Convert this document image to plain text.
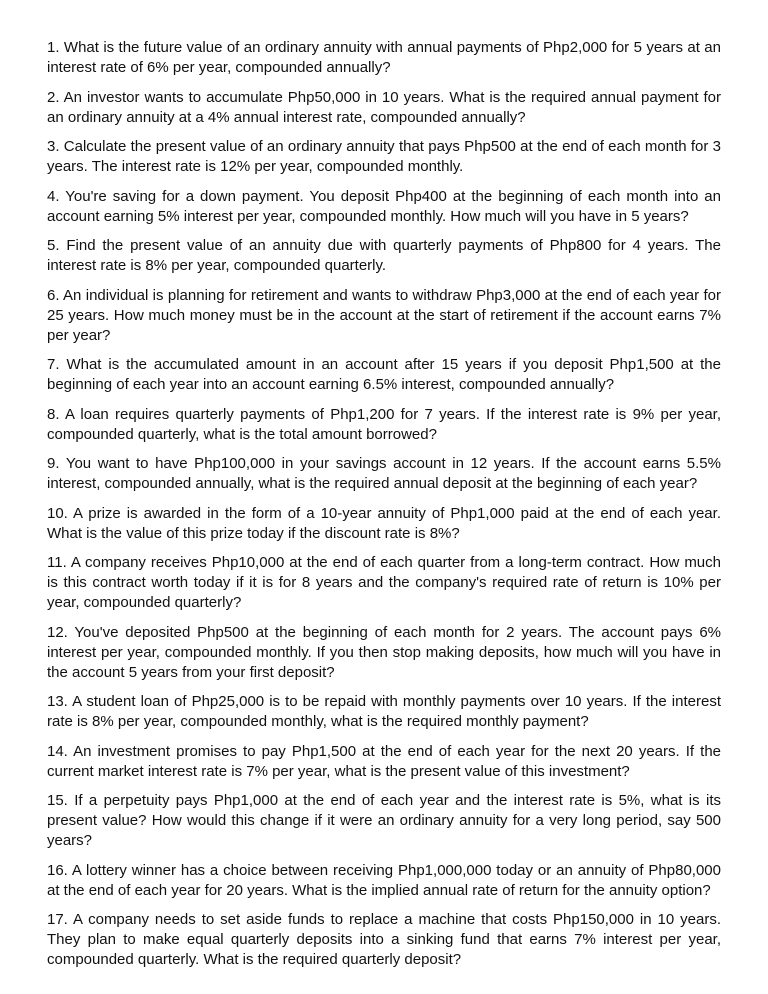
1. What is the future value of an ordinary annuity with annual payments of Php2,000 for 5 years at an interest rate of 6% per year, compounded annually?

2. An investor wants to accumulate Php50,000 in 10 years. What is the required annual payment for an ordinary annuity at a 4% annual interest rate, compounded annually?

3. Calculate the present value of an ordinary annuity that pays Php500 at the end of each month for 3 years. The interest rate is 12% per year, compounded monthly.

4. You're saving for a down payment. You deposit Php400 at the beginning of each month into an account earning 5% interest per year, compounded monthly. How much will you have in 5 years?

5. Find the present value of an annuity due with quarterly payments of Php800 for 4 years. The interest rate is 8% per year, compounded quarterly.

6. An individual is planning for retirement and wants to withdraw Php3,000 at the end of each year for 25 years. How much money must be in the account at the start of retirement if the account earns 7% per year?

7. What is the accumulated amount in an account after 15 years if you deposit Php1,500 at the beginning of each year into an account earning 6.5% interest, compounded annually?

8. A loan requires quarterly payments of Php1,200 for 7 years. If the interest rate is 9% per year, compounded quarterly, what is the total amount borrowed?

9. You want to have Php100,000 in your savings account in 12 years. If the account earns 5.5% interest, compounded annually, what is the required annual deposit at the beginning of each year?

10. A prize is awarded in the form of a 10-year annuity of Php1,000 paid at the end of each year. What is the value of this prize today if the discount rate is 8%?

11. A company receives Php10,000 at the end of each quarter from a long-term contract. How much is this contract worth today if it is for 8 years and the company's required rate of return is 10% per year, compounded quarterly?

12. You've deposited Php500 at the beginning of each month for 2 years. The account pays 6% interest per year, compounded monthly. If you then stop making deposits, how much will you have in the account 5 years from your first deposit?

13. A student loan of Php25,000 is to be repaid with monthly payments over 10 years. If the interest rate is 8% per year, compounded monthly, what is the required monthly payment?

14. An investment promises to pay Php1,500 at the end of each year for the next 20 years. If the current market interest rate is 7% per year, what is the present value of this investment?

15. If a perpetuity pays Php1,000 at the end of each year and the interest rate is 5%, what is its present value? How would this change if it were an ordinary annuity for a very long period, say 500 years?

16. A lottery winner has a choice between receiving Php1,000,000 today or an annuity of Php80,000 at the end of each year for 20 years. What is the implied annual rate of return for the annuity option?

17. A company needs to set aside funds to replace a machine that costs Php150,000 in 10 years. They plan to make equal quarterly deposits into a sinking fund that earns 7% interest per year, compounded quarterly. What is the required quarterly deposit?
